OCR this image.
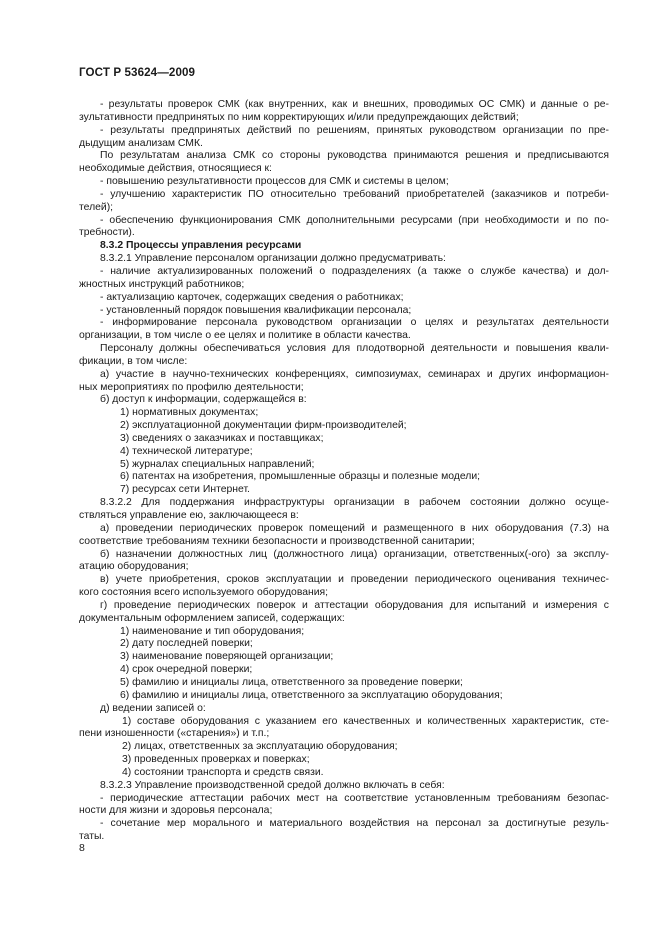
ГОСТ Р 53624—2009

- результаты проверок СМК (как внутренних, как и внешних, проводимых ОС СМК) и данные о ре-

зультативности предпринятых по ним корректирующих и/или предупреждающих действий;

- результаты предпринятых действий по решениям, принятых руководством организации по пре-

дыдущим анализам СМК.

По результатам анализа СМК со стороны руководства принимаются решения и предписываются

необходимые действия, относящиеся к:

- повышению результативности процессов для СМК и системы в целом;

- улучшению характеристик ПО относительно требований приобретателей (заказчиков и потреби-

телей);

- обеспечению функционирования СМК дополнительными ресурсами (при необходимости и по по-

требности).

8.3.2 Процессы управления ресурсами

8.3.2.1 Управление персоналом организации должно предусматривать:

- наличие актуализированных положений о подразделениях (а также о службе качества) и дол-

жностных инструкций работников;

- актуализацию карточек, содержащих сведения о работниках;

- установленный порядок повышения квалификации персонала;

- информирование персонала руководством организации о целях и результатах деятельности

организации, в том числе о ее целях и политике в области качества.

Персоналу должны обеспечиваться условия для плодотворной деятельности и повышения квали-

фикации, в том числе:

а) участие в научно-технических конференциях, симпозиумах, семинарах и других информацион-

ных мероприятиях по профилю деятельности;

б) доступ к информации, содержащейся в:

1) нормативных документах;

2) эксплуатационной документации фирм-производителей;

3) сведениях о заказчиках и поставщиках;

4) технической литературе;

5) журналах специальных направлений;

6) патентах на изобретения, промышленные образцы и полезные модели;

7) ресурсах сети Интернет.

8.3.2.2 Для поддержания инфраструктуры организации в рабочем состоянии должно осуще-

ствляться управление ею, заключающееся в:

а) проведении периодических проверок помещений и размещенного в них оборудования (7.3) на

соответствие требованиям техники безопасности и производственной санитарии;

б) назначении должностных лиц (должностного лица) организации, ответственных(-ого) за эксплу-

атацию оборудования;

в) учете приобретения, сроков эксплуатации и проведении периодического оценивания техничес-

кого состояния всего используемого оборудования;

г) проведение периодических поверок и аттестации оборудования для испытаний и измерения с

документальным оформлением записей, содержащих:

1) наименование и тип оборудования;

2) дату последней поверки;

3) наименование поверяющей организации;

4) срок очередной поверки;

5) фамилию и инициалы лица, ответственного за проведение поверки;

6) фамилию и инициалы лица, ответственного за эксплуатацию оборудования;

д) ведении записей о:

1) составе оборудования с указанием его качественных и количественных характеристик, сте-

пени изношенности («старения») и т.п.;

2) лицах, ответственных за эксплуатацию оборудования;

3) проведенных проверках и поверках;

4) состоянии транспорта и средств связи.

8.3.2.3 Управление производственной средой должно включать в себя:

- периодические аттестации рабочих мест на соответствие установленным требованиям безопас-

ности для жизни и здоровья персонала;

- сочетание мер морального и материального воздействия на персонал за достигнутые резуль-

таты.

8
